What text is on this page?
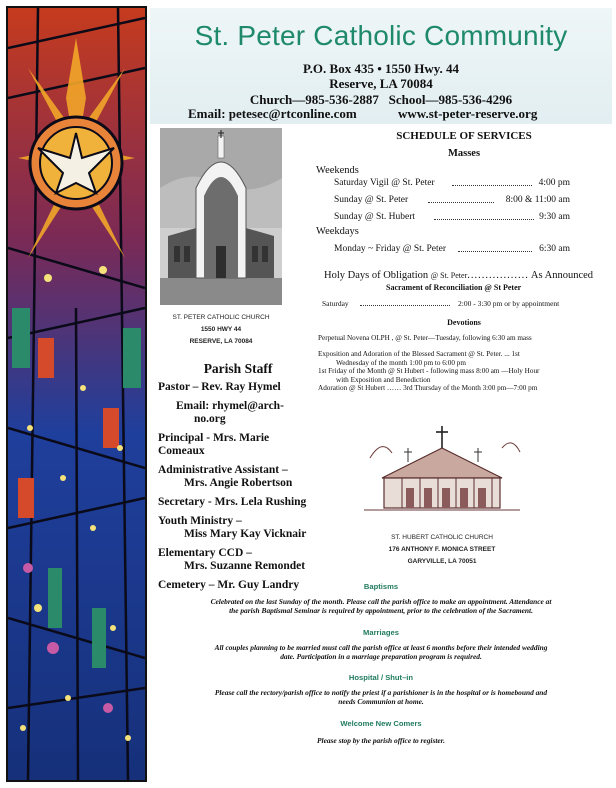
St. Peter Catholic Community
P.O. Box 435 • 1550 Hwy. 44
Reserve, LA 70084
Church—985-536-2887   School—985-536-4296
Email: petesec@rtconline.com	www.st-peter-reserve.org
ST. PETER CATHOLIC CHURCH
1550 HWY 44
RESERVE, LA 70084
Parish Staff
Pastor – Rev. Ray Hymel
Email: rhymel@arch-
no.org
Principal - Mrs. Marie Comeaux
Administrative Assistant –
Mrs. Angie Robertson
Secretary - Mrs. Lela Rushing
Youth Ministry –
Miss Mary Kay Vicknair
Elementary CCD –
Mrs. Suzanne Remondet
Cemetery – Mr. Guy Landry
SCHEDULE OF SERVICES
Masses
Weekends
Saturday Vigil @ St. Peter	4:00 pm
Sunday @ St. Peter	8:00 & 11:00 am
Sunday @ St. Hubert	9:30 am
Weekdays
Monday ~ Friday @ St. Peter	6:30 am
Holy Days of Obligation @ St. Peter................. As Announced
Sacrament of Reconciliation @ St Peter
Saturday	2:00 - 3:30 pm or by appointment
Devotions
Perpetual Novena OLPH , @ St. Peter—Tuesday, following 6:30 am mass
Exposition and Adoration of the Blessed Sacrament @ St. Peter. ... 1st
Wednesday of the month 1:00 pm to 6:00 pm
1st Friday of the Month @ St Hubert - following mass 8:00 am —Holy Hour
with Exposition and Benediction
Adoration @ St Hubert …… 3rd Thursday of the Month 3:00 pm—7:00 pm
ST. HUBERT CATHOLIC CHURCH
176 ANTHONY F. MONICA STREET
GARYVILLE, LA 70051
Baptisms
Celebrated on the last Sunday of the month. Please call the parish office to make an appointment. Attendance at
the parish Baptismal Seminar is required by appointment, prior to the celebration of the Sacrament.
Marriages
All couples planning to be married must call the parish office at least 6 months before their intended wedding
date. Participation in a marriage preparation program is required.
Hospital / Shut–in
Please call the rectory/parish office to notify the priest if a parishioner is in the hospital or is homebound and
needs Communion at home.
Welcome New Comers
Please stop by the parish office to register.
